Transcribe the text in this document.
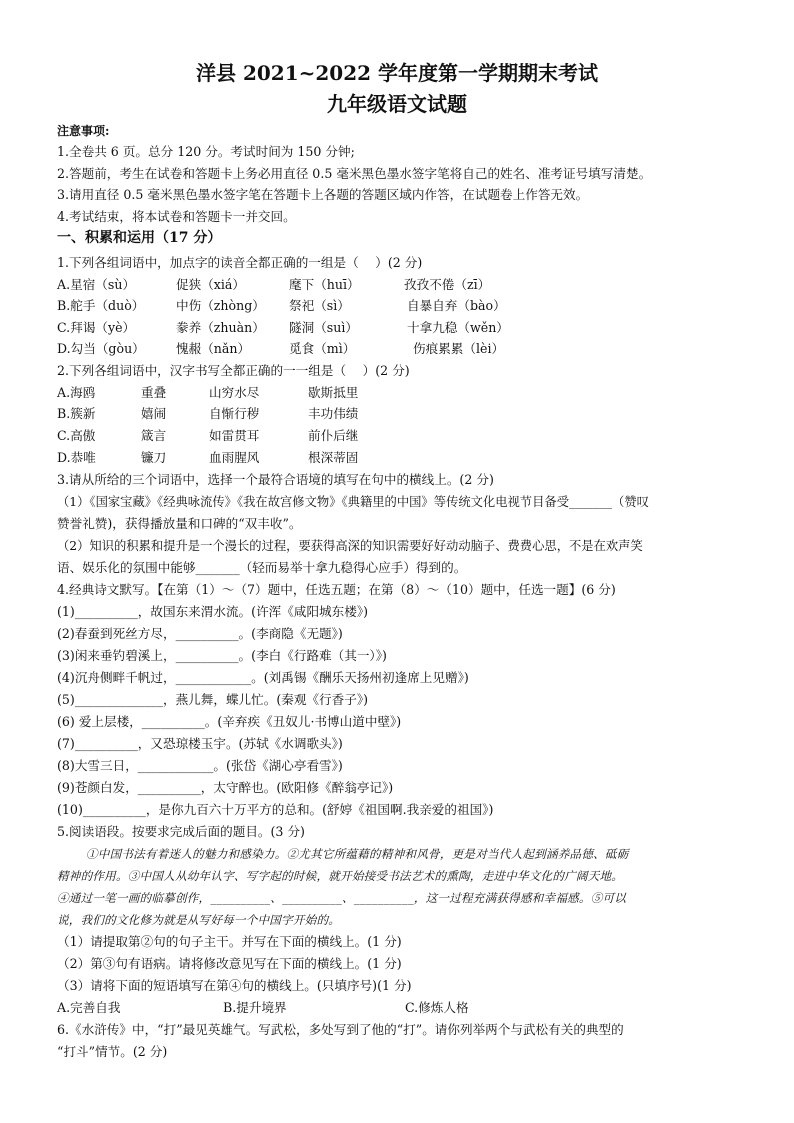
洋县 2021~2022 学年度第一学期期末考试
九年级语文试题
注意事项:
1.全卷共 6 页。总分 120 分。考试时间为 150 分钟;
2.答题前，考生在试卷和答题卡上务必用直径 0.5 毫米黑色墨水签字笔将自己的姓名、准考证号填写清楚。
3.请用直径 0.5 毫米黑色墨水签字笔在答题卡上各题的答题区域内作答，在试题卷上作答无效。
4.考试结束，将本试卷和答题卡一并交回。
一、积累和运用（17 分）
1.下列各组词语中，加点字的读音全都正确的一组是（　 ）(2 分)
A.星宿（sù）	促狭（xiá）	麾下（huī）	孜孜不倦（zī）
B.舵手（duò）	中伤（zhòng） 祭祀（sì）	自暴自弃（bào）
C.拜谒（yè）	豢养（zhuàn） 隧洞（suì）	十拿九稳（wěn）
D.勾当（gòu） 愧赧（nǎn）	觅食（mì）	伤痕累累（lèi）
2.下列各组词语中，汉字书写全都正确的一一组是（　 ）(2 分)
A.海鸥	重叠	山穷水尽	歇斯抵里
B.簇新	嬉闹	自惭行秽	丰功伟绩
C.高傲	箴言	如雷贯耳	前仆后继
D.恭唯	镰刀	血雨腥风	根深蒂固
3.请从所给的三个词语中，选择一个最符合语境的填写在句中的横线上。(2 分)
（1）《国家宝藏》《经典咏流传》《我在故宫修文物》《典籍里的中国》等传统文化电视节目备受_______（赞叹
赞誉礼赞)，获得播放量和口碑的“双丰收”。
（2）知识的积累和提升是一个漫长的过程，要获得高深的知识需要好好动动脑子、费费心思，不是在欢声笑
语、娱乐化的氛围中能够_______（轻而易举十拿九稳得心应手）得到的。
4.经典诗文默写。【在第（1）～（7）题中，任选五题；在第（8）～（10）题中，任选一题】(6 分)
(1)__________，故国东来渭水流。(许浑《咸阳城东楼》)
(2)春蚕到死丝方尽，__________。(李商隐《无题》)
(3)闲来垂钓碧溪上，__________。(李白《行路难（其一）》)
(4)沉舟侧畔千帆过，____________。(刘禹锡《酬乐天扬州初逢席上见赠》)
(5)______________，燕儿舞，蝶儿忙。(秦观《行香子》)
(6) 爱上层楼，__________。(辛弃疾《丑奴儿·书博山道中壁》)
(7)__________，又恐琼楼玉宇。(苏轼《水调歌头》)
(8)大雪三日，____________。(张岱《湖心亭看雪》)
(9)苍颜白发，__________，太守醉也。(欧阳修《醉翁亭记》)
(10)__________，是你九百六十万平方的总和。(舒婷《祖国啊.我亲爱的祖国》)
5.阅读语段。按要求完成后面的题目。(3 分)
①中国书法有着迷人的魅力和感染力。②尤其它所蕴藉的精神和风骨，更是对当代人起到涵养品德、砥砺
精神的作用。③中国人从幼年认字、写字起的时候，就开始接受书法艺术的熏陶，走进中华文化的广阔天地。
④通过一笔一画的临摹创作，__________、__________、__________，这一过程充满获得感和幸福感。⑤可以
说，我们的文化修为就是从写好每一个中国字开始的。
（1）请提取第②句的句子主干。并写在下面的横线上。(1 分)
（2）第③句有语病。请将修改意见写在下面的横线上。(1 分)
（3）请将下面的短语填写在第④句的横线上。(只填序号)(1 分)
A.完善自我	B.提升境界	C.修炼人格
6.《水浒传》中，“打”最见英雄气。写武松，多处写到了他的“打”。请你列举两个与武松有关的典型的
“打斗”情节。(2 分)
